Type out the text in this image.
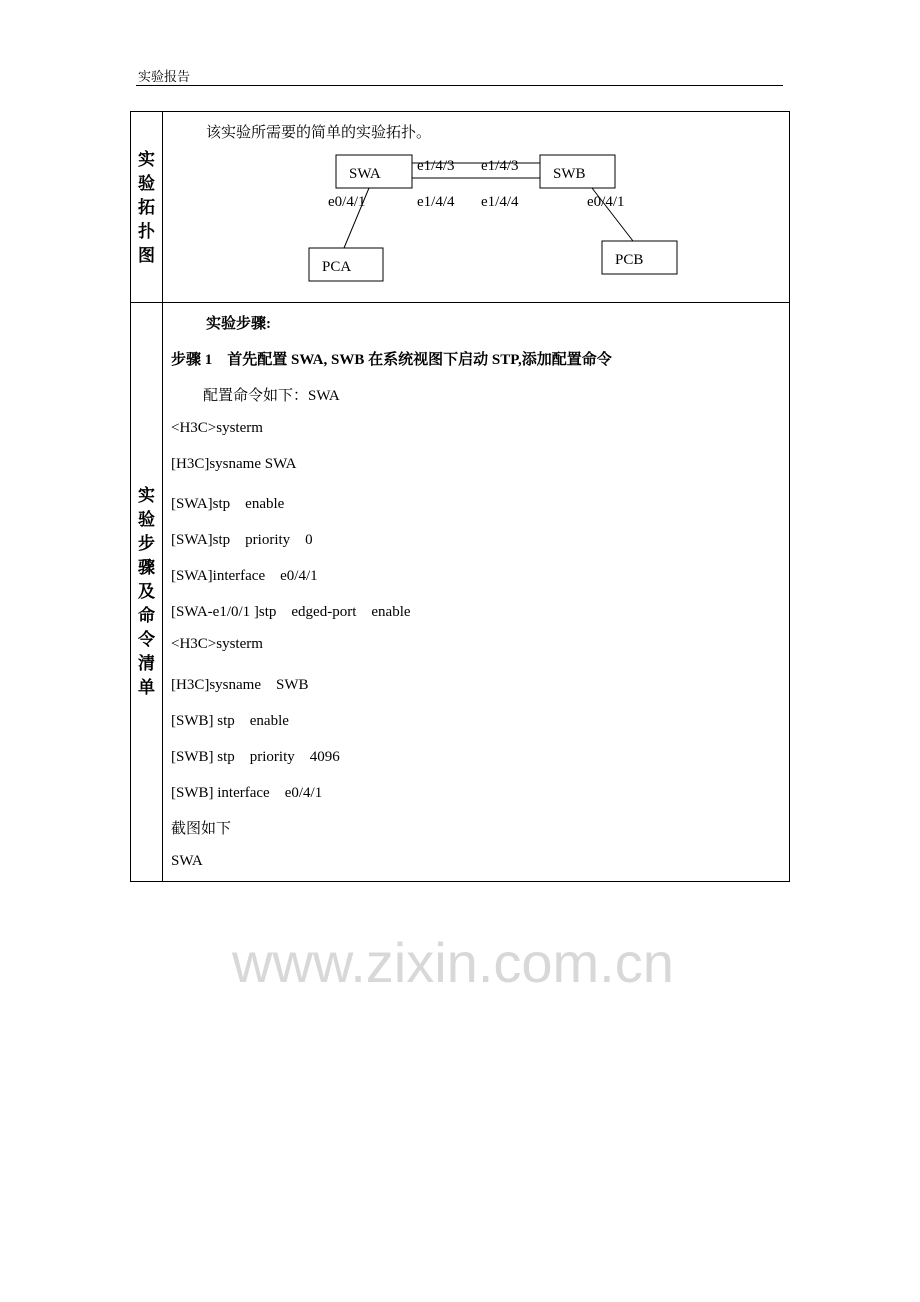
实验报告
实验拓扑图
实验步骤及命令清单
该实验所需要的简单的实验拓扑。
SWA	SWB
PCA	PCB
e1/4/3 e1/4/3
e1/4/4 e1/4/4
e0/4/1	e0/4/1
实验步骤:
步骤 1　首先配置 SWA, SWB 在系统视图下启动 STP,添加配置命令
配置命令如下：SWA
<H3C>systerm
[H3C]sysname SWA
[SWA]stp　enable
[SWA]stp　priority　0
[SWA]interface　e0/4/1
[SWA-e1/0/1 ]stp　edged-port　enable
<H3C>systerm
[H3C]sysname　SWB
[SWB] stp　enable
[SWB] stp　priority　4096
[SWB] interface　e0/4/1
截图如下
SWA
www.zixin.com.cn
